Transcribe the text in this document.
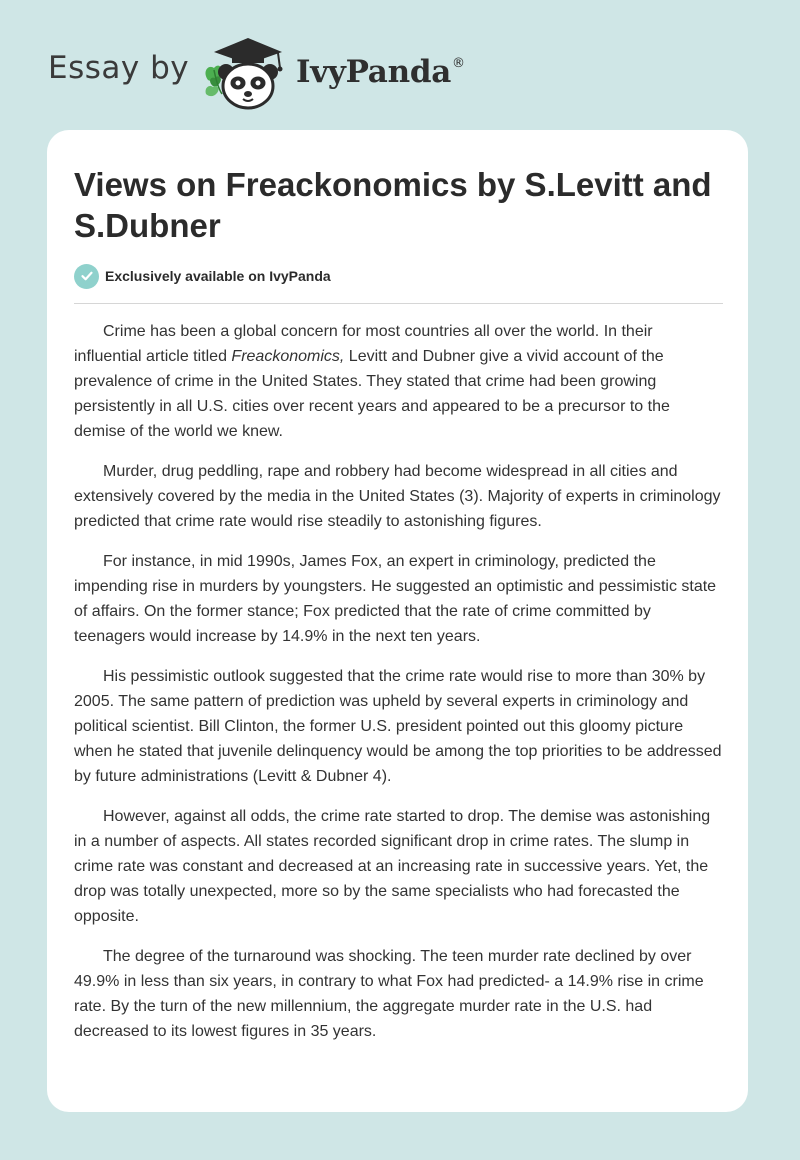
Essay by	IvyPanda®
Views on Freackonomics by S.Levitt and S.Dubner
Exclusively available on IvyPanda

Crime has been a global concern for most countries all over the world. In their influential article titled Freackonomics, Levitt and Dubner give a vivid account of the prevalence of crime in the United States. They stated that crime had been growing persistently in all U.S. cities over recent years and appeared to be a precursor to the demise of the world we knew.

Murder, drug peddling, rape and robbery had become widespread in all cities and extensively covered by the media in the United States (3). Majority of experts in criminology predicted that crime rate would rise steadily to astonishing figures.

For instance, in mid 1990s, James Fox, an expert in criminology, predicted the impending rise in murders by youngsters. He suggested an optimistic and pessimistic state of affairs. On the former stance; Fox predicted that the rate of crime committed by teenagers would increase by 14.9% in the next ten years.

His pessimistic outlook suggested that the crime rate would rise to more than 30% by 2005. The same pattern of prediction was upheld by several experts in criminology and political scientist. Bill Clinton, the former U.S. president pointed out this gloomy picture when he stated that juvenile delinquency would be among the top priorities to be addressed by future administrations (Levitt & Dubner 4).

However, against all odds, the crime rate started to drop. The demise was astonishing in a number of aspects. All states recorded significant drop in crime rates. The slump in crime rate was constant and decreased at an increasing rate in successive years. Yet, the drop was totally unexpected, more so by the same specialists who had forecasted the opposite.

The degree of the turnaround was shocking. The teen murder rate declined by over 49.9% in less than six years, in contrary to what Fox had predicted- a 14.9% rise in crime rate. By the turn of the new millennium, the aggregate murder rate in the U.S. had decreased to its lowest figures in 35 years.
